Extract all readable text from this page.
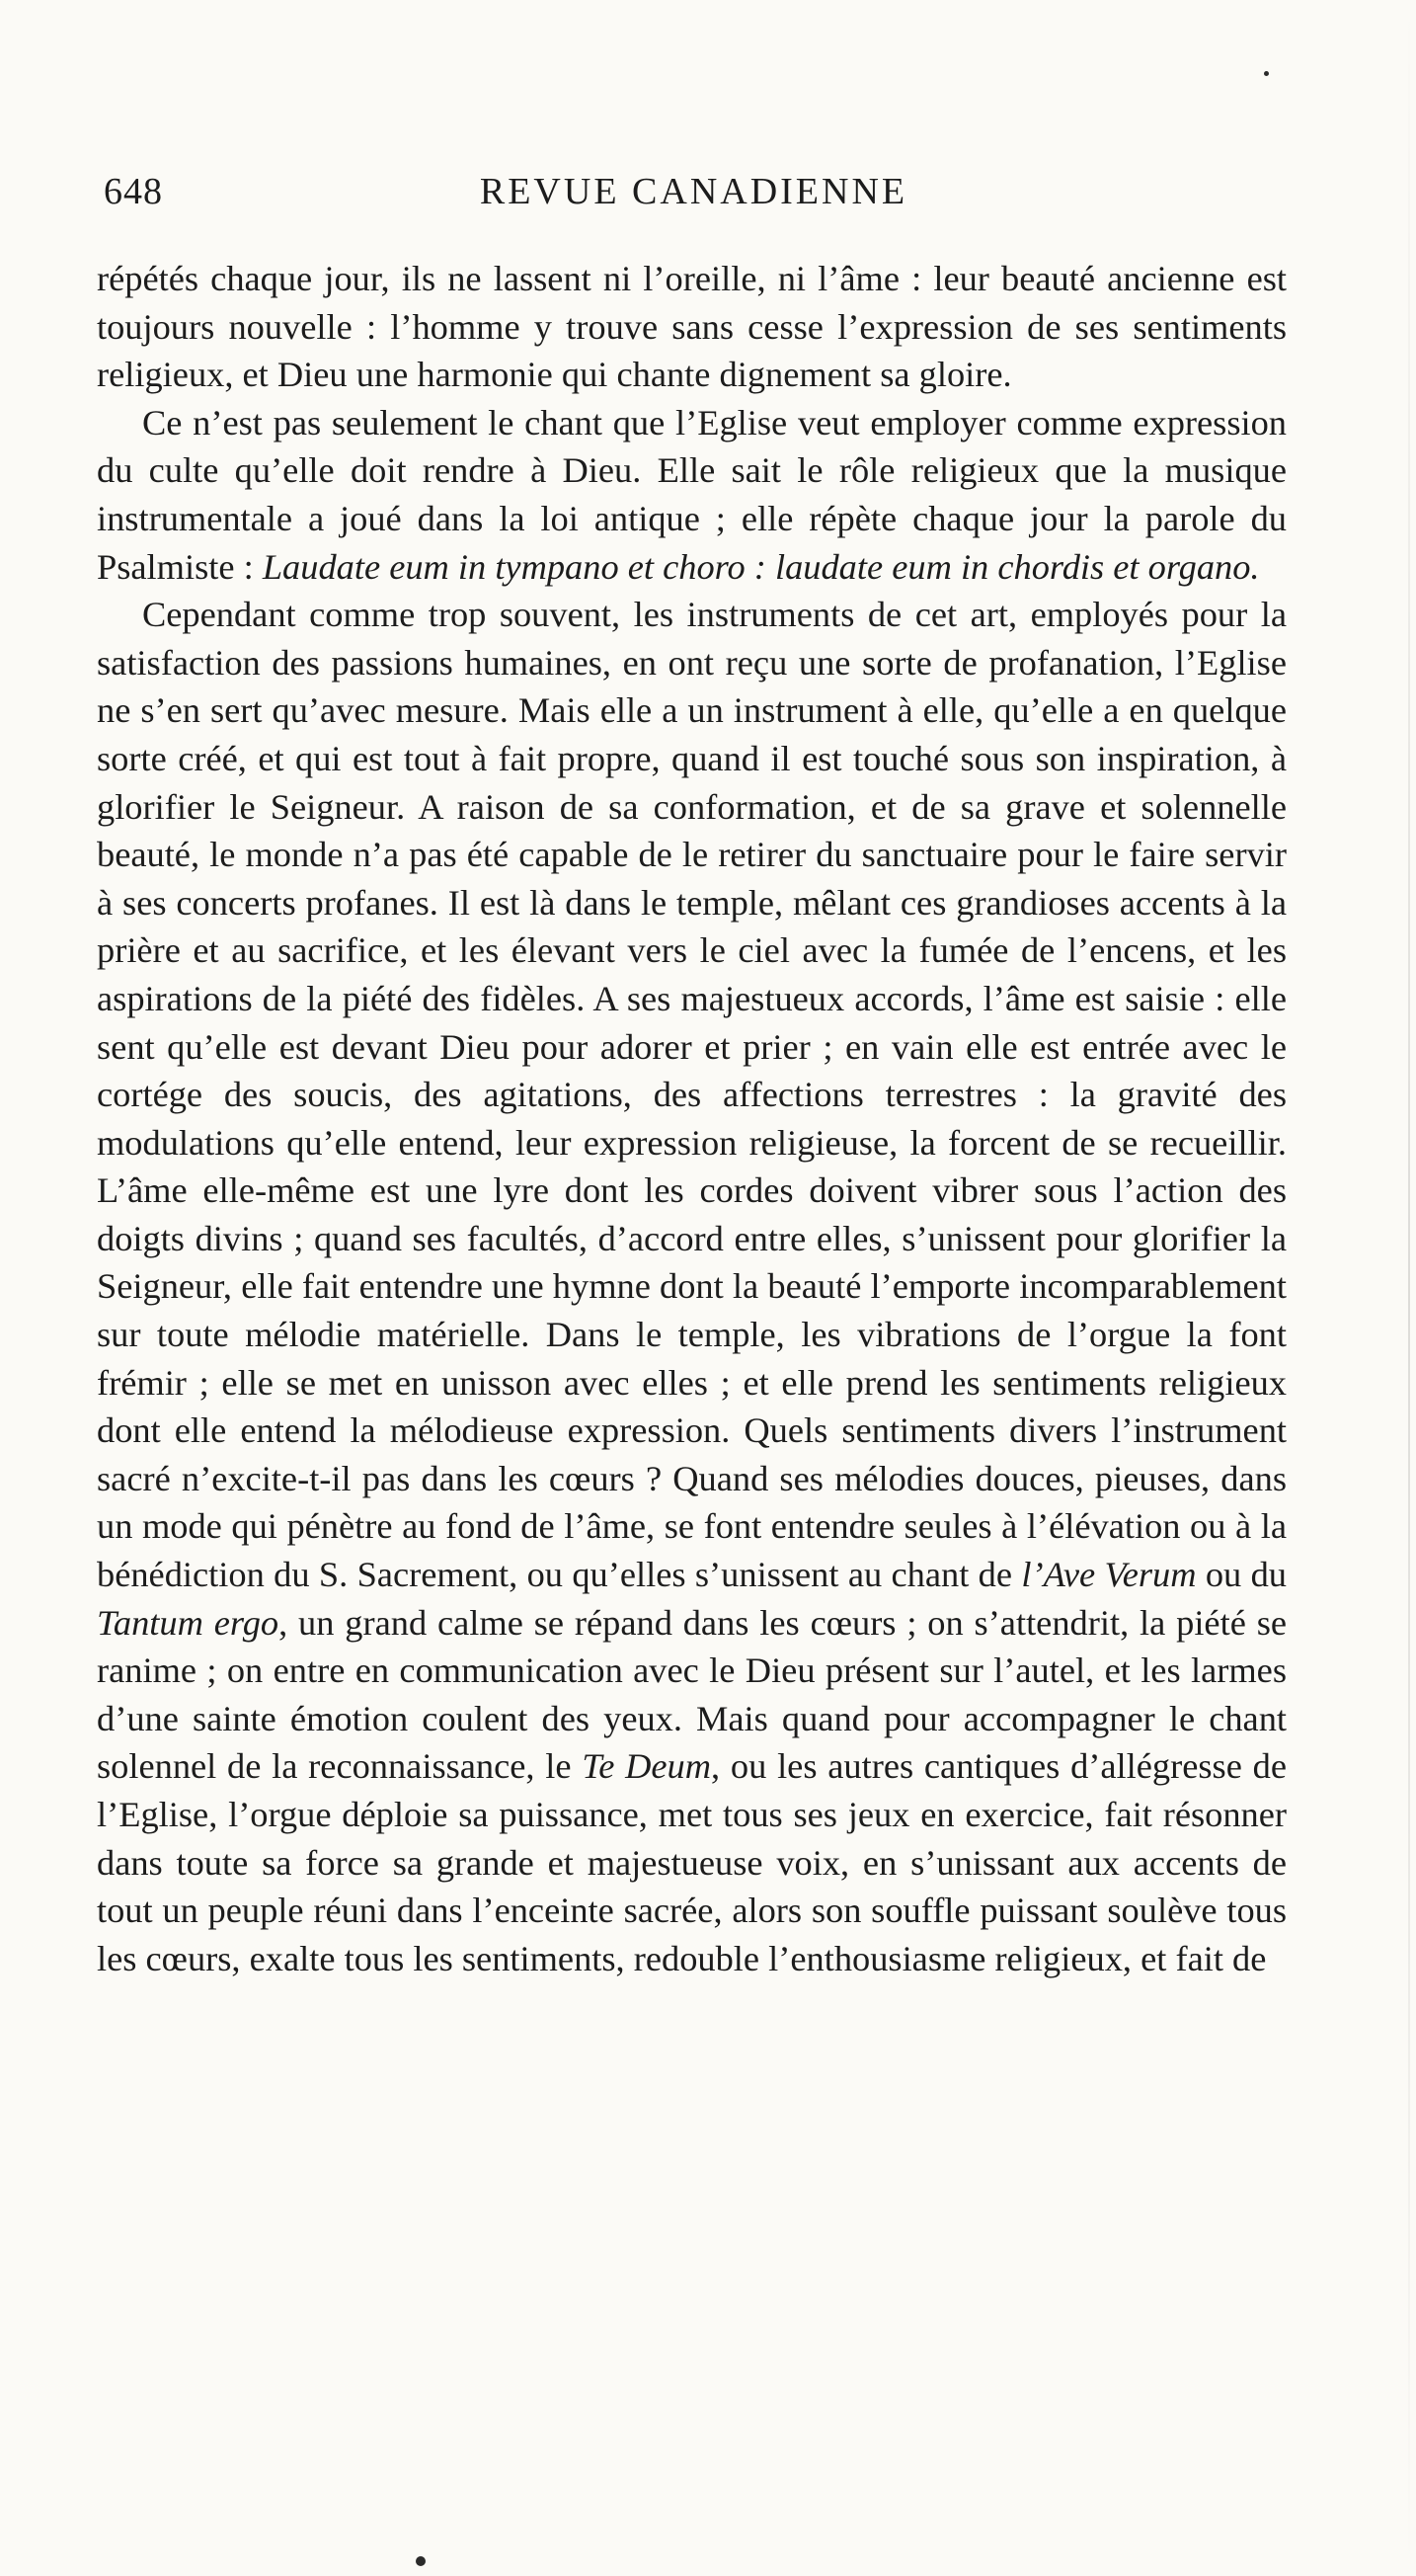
648	REVUE CANADIENNE

répétés chaque jour, ils ne lassent ni l’oreille, ni l’âme : leur beauté ancienne est toujours nouvelle : l’homme y trouve sans cesse l’expression de ses sentiments religieux, et Dieu une harmonie qui chante dignement sa gloire.

Ce n’est pas seulement le chant que l’Eglise veut employer comme expression du culte qu’elle doit rendre à Dieu. Elle sait le rôle religieux que la musique instrumentale a joué dans la loi antique ; elle répète chaque jour la parole du Psalmiste : Laudate eum in tympano et choro : laudate eum in chordis et organo.

Cependant comme trop souvent, les instruments de cet art, employés pour la satisfaction des passions humaines, en ont reçu une sorte de profanation, l’Eglise ne s’en sert qu’avec mesure. Mais elle a un instrument à elle, qu’elle a en quelque sorte créé, et qui est tout à fait propre, quand il est touché sous son inspiration, à glorifier le Seigneur. A raison de sa conformation, et de sa grave et solennelle beauté, le monde n’a pas été capable de le retirer du sanctuaire pour le faire servir à ses concerts profanes. Il est là dans le temple, mêlant ces grandioses accents à la prière et au sacrifice, et les élevant vers le ciel avec la fumée de l’encens, et les aspirations de la piété des fidèles. A ses majestueux accords, l’âme est saisie : elle sent qu’elle est devant Dieu pour adorer et prier ; en vain elle est entrée avec le cortége des soucis, des agitations, des affections terrestres : la gravité des modulations qu’elle entend, leur expression religieuse, la forcent de se recueillir. L’âme elle-même est une lyre dont les cordes doivent vibrer sous l’action des doigts divins ; quand ses facultés, d’accord entre elles, s’unissent pour glorifier la Seigneur, elle fait entendre une hymne dont la beauté l’emporte incomparablement sur toute mélodie matérielle. Dans le temple, les vibrations de l’orgue la font frémir ; elle se met en unisson avec elles ; et elle prend les sentiments religieux dont elle entend la mélodieuse expression. Quels sentiments divers l’instrument sacré n’excite-t-il pas dans les cœurs ? Quand ses mélodies douces, pieuses, dans un mode qui pénètre au fond de l’âme, se font entendre seules à l’élévation ou à la bénédiction du S. Sacrement, ou qu’elles s’unissent au chant de l’Ave Verum ou du Tantum ergo, un grand calme se répand dans les cœurs ; on s’attendrit, la piété se ranime ; on entre en communication avec le Dieu présent sur l’autel, et les larmes d’une sainte émotion coulent des yeux. Mais quand pour accompagner le chant solennel de la reconnaissance, le Te Deum, ou les autres cantiques d’allégresse de l’Eglise, l’orgue déploie sa puissance, met tous ses jeux en exercice, fait résonner dans toute sa force sa grande et majestueuse voix, en s’unissant aux accents de tout un peuple réuni dans l’enceinte sacrée, alors son souffle puissant soulève tous les cœurs, exalte tous les sentiments, redouble l’enthousiasme religieux, et fait de
